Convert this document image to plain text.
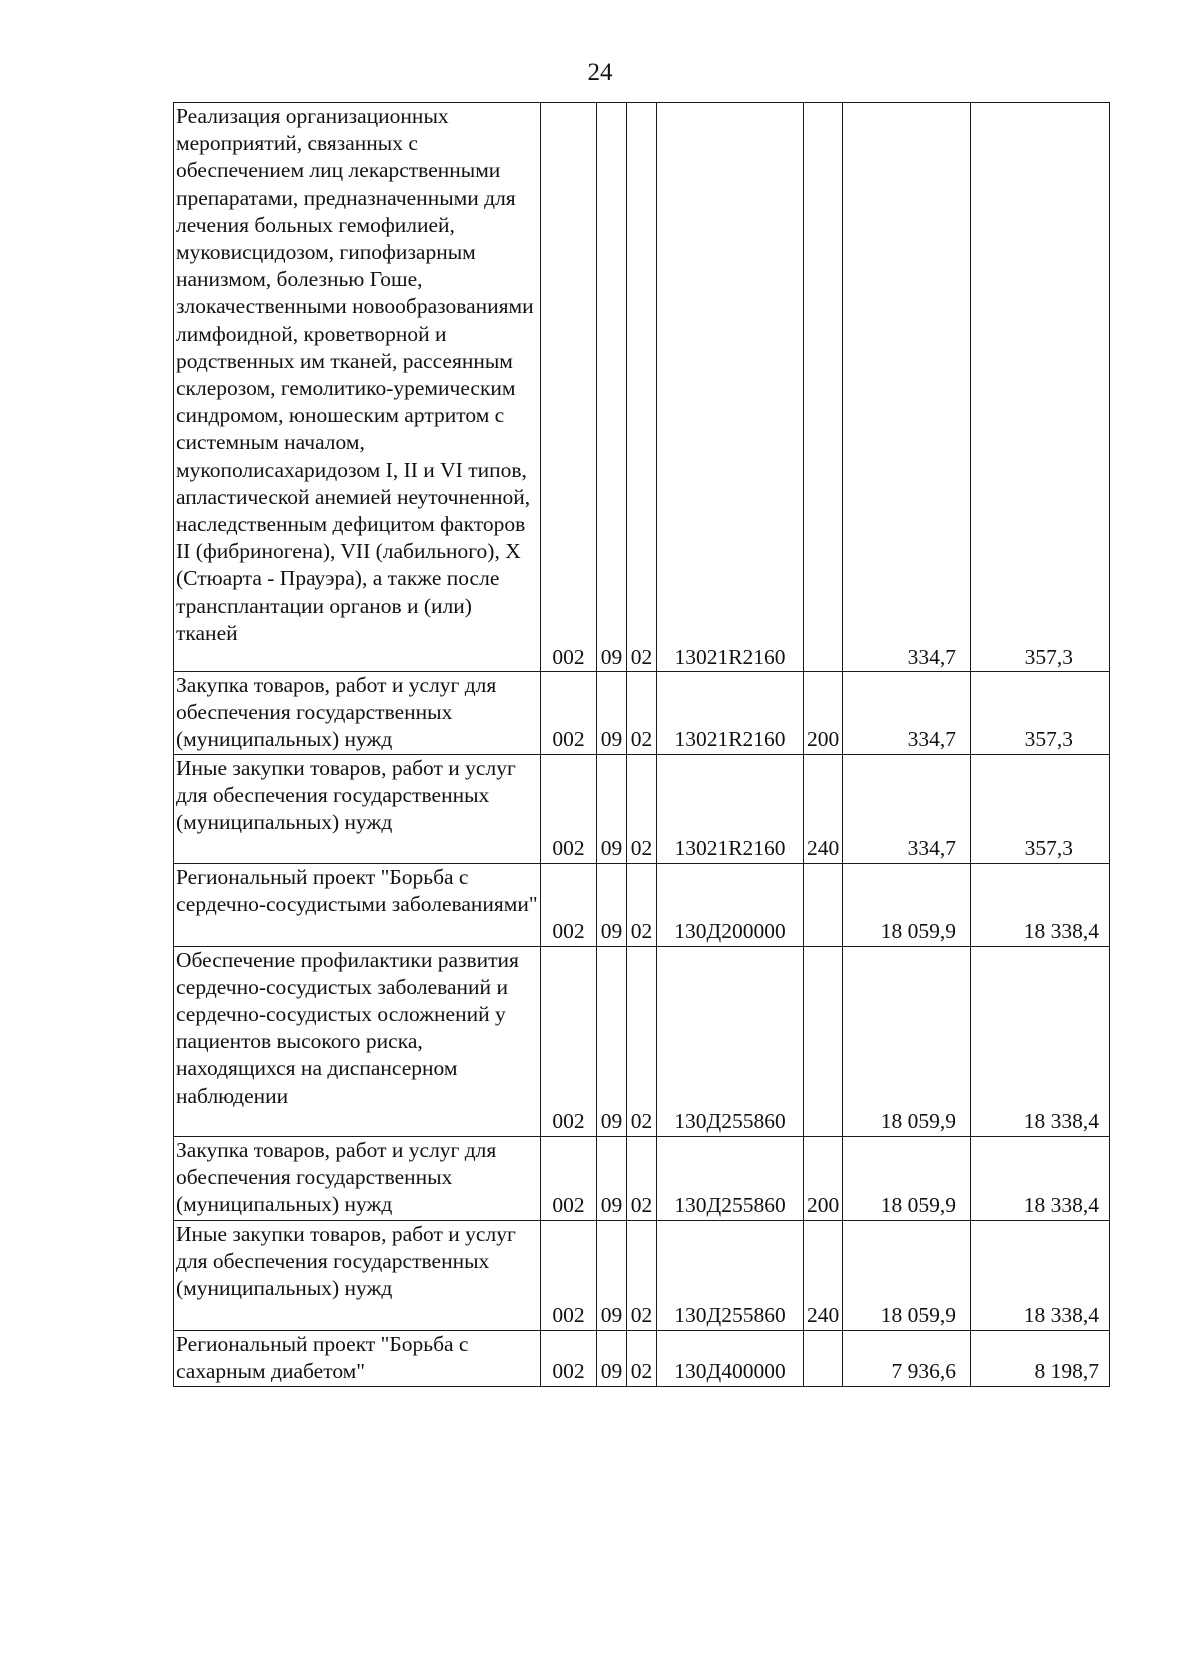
24
Реализация организационных мероприятий, связанных с обеспечением лиц лекарственными препаратами, предназначенными для лечения больных гемофилией, муковисцидозом, гипофизарным нанизмом, болезнью Гоше, злокачественными новообразованиями лимфоидной, кроветворной и родственных им тканей, рассеянным склерозом, гемолитико-уремическим синдромом, юношеским артритом с системным началом, мукополисахаридозом I, II и VI типов, апластической анемией неуточненной, наследственным дефицитом факторов II (фибриногена), VII (лабильного), X (Стюарта - Прауэра), а также после трансплантации органов и (или) тканей	002	09	02	13021R2160		334,7	357,3
Закупка товаров, работ и услуг для обеспечения государственных (муниципальных) нужд	002	09	02	13021R2160	200	334,7	357,3
Иные закупки товаров, работ и услуг для обеспечения государственных (муниципальных) нужд	002	09	02	13021R2160	240	334,7	357,3
Региональный проект "Борьба с сердечно-сосудистыми заболеваниями"	002	09	02	130Д200000		18 059,9	18 338,4
Обеспечение профилактики развития сердечно-сосудистых заболеваний и сердечно-сосудистых осложнений у пациентов высокого риска, находящихся на диспансерном наблюдении	002	09	02	130Д255860		18 059,9	18 338,4
Закупка товаров, работ и услуг для обеспечения государственных (муниципальных) нужд	002	09	02	130Д255860	200	18 059,9	18 338,4
Иные закупки товаров, работ и услуг для обеспечения государственных (муниципальных) нужд	002	09	02	130Д255860	240	18 059,9	18 338,4
Региональный проект "Борьба с сахарным диабетом"	002	09	02	130Д400000		7 936,6	8 198,7
